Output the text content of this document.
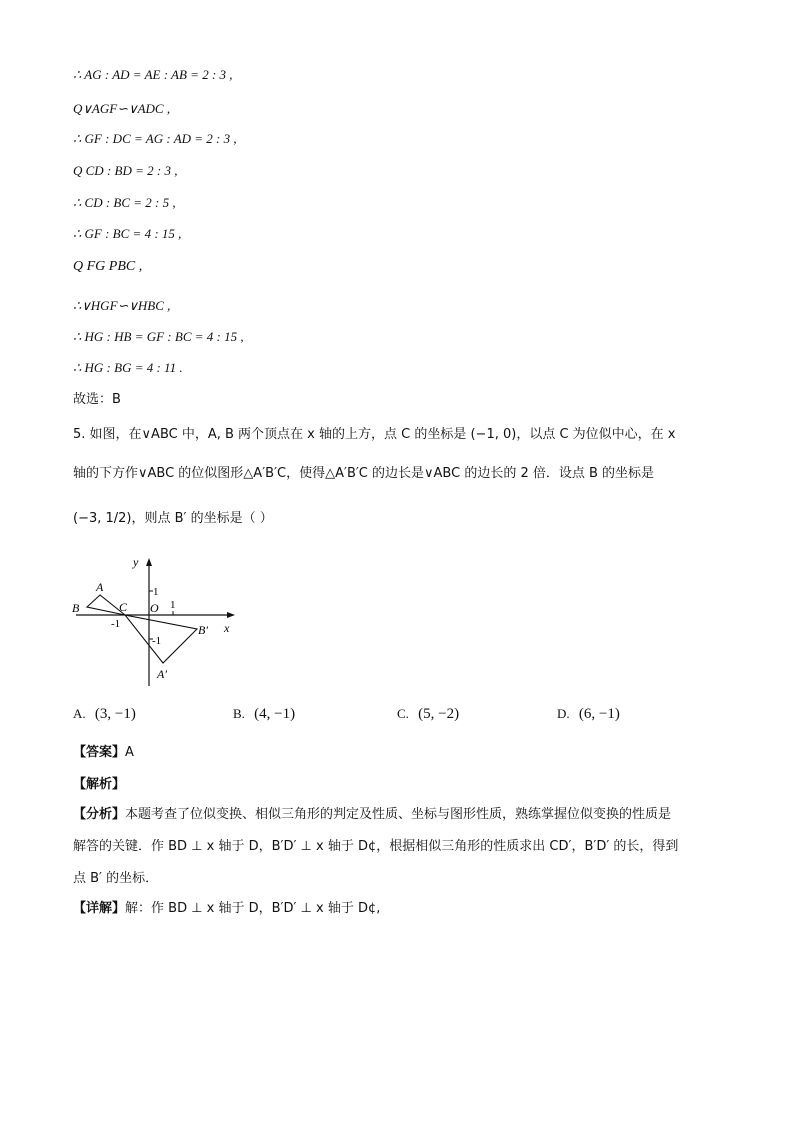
∴ AG : AD = AE : AB = 2 : 3 ,
Q∨AGF∽∨ADC ,
∴ GF : DC = AG : AD = 2 : 3 ,
Q CD : BD = 2 : 3 ,
∴ CD : BC = 2 : 5 ,
∴ GF : BC = 4 : 15 ,
Q FG PBC ,
∴∨HGF∽∨HBC ,
∴ HG : HB = GF : BC = 4 : 15 ,
∴ HG : BG = 4 : 11 .
故选：B
5. 如图，在∨ABC 中，A, B 两个顶点在 x 轴的上方，点 C 的坐标是 (−1, 0)，以点 C 为位似中心，在 x
轴的下方作∨ABC 的位似图形△A′B′C，使得△A′B′C 的边长是∨ABC 的边长的 2 倍．设点 B 的坐标是
(−3, 1/2)，则点 B′ 的坐标是（ ）
y
x
A
B	C O
1
1
-1
-1
B′
A′
A. (3, −1)	B. (4, −1)	C. (5, −2)	D. (6, −1)
【答案】A
【解析】
【分析】本题考查了位似变换、相似三角形的判定及性质、坐标与图形性质，熟练掌握位似变换的性质是
解答的关键．作 BD ⊥ x 轴于 D，B′D′ ⊥ x 轴于 D¢，根据相似三角形的性质求出 CD′，B′D′ 的长，得到
点 B′ 的坐标．
【详解】解：作 BD ⊥ x 轴于 D，B′D′ ⊥ x 轴于 D¢,
